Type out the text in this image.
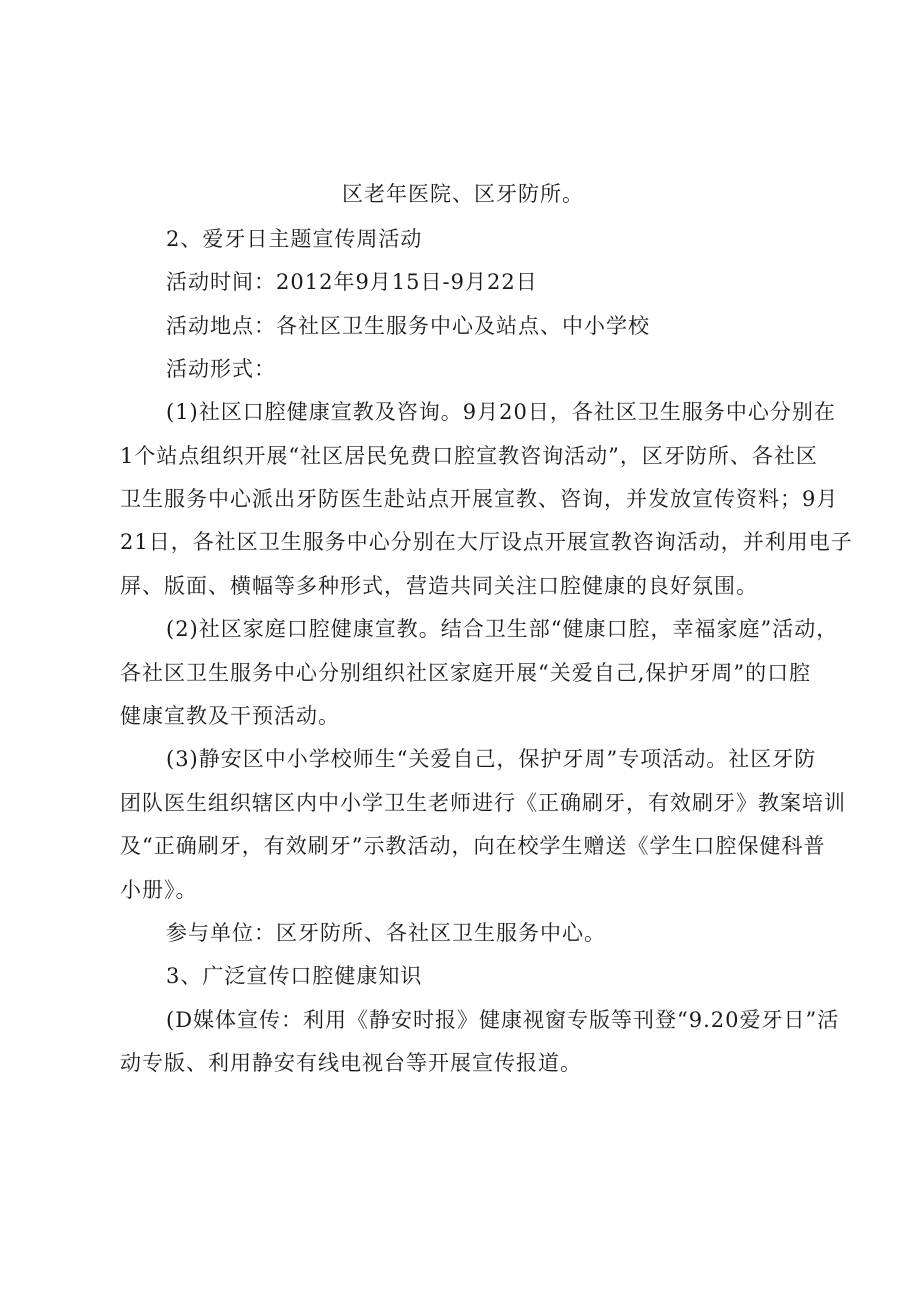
区老年医院、区牙防所。
2、爱牙日主题宣传周活动
活动时间：2012年9月15日-9月22日
活动地点：各社区卫生服务中心及站点、中小学校
活动形式：
(1)社区口腔健康宣教及咨询。9月20日，各社区卫生服务中心分别在
1个站点组织开展“社区居民免费口腔宣教咨询活动”，区牙防所、各社区
卫生服务中心派出牙防医生赴站点开展宣教、咨询，并发放宣传资料；9月
21日，各社区卫生服务中心分别在大厅设点开展宣教咨询活动，并利用电子
屏、版面、横幅等多种形式，营造共同关注口腔健康的良好氛围。
(2)社区家庭口腔健康宣教。结合卫生部“健康口腔，幸福家庭”活动，
各社区卫生服务中心分别组织社区家庭开展“关爱自己,保护牙周”的口腔
健康宣教及干预活动。
(3)静安区中小学校师生“关爱自己，保护牙周”专项活动。社区牙防
团队医生组织辖区内中小学卫生老师进行《正确刷牙，有效刷牙》教案培训
及“正确刷牙，有效刷牙”示教活动，向在校学生赠送《学生口腔保健科普
小册》。
参与单位：区牙防所、各社区卫生服务中心。
3、广泛宣传口腔健康知识
(D媒体宣传：利用《静安时报》健康视窗专版等刊登“9.20爱牙日”活
动专版、利用静安有线电视台等开展宣传报道。
